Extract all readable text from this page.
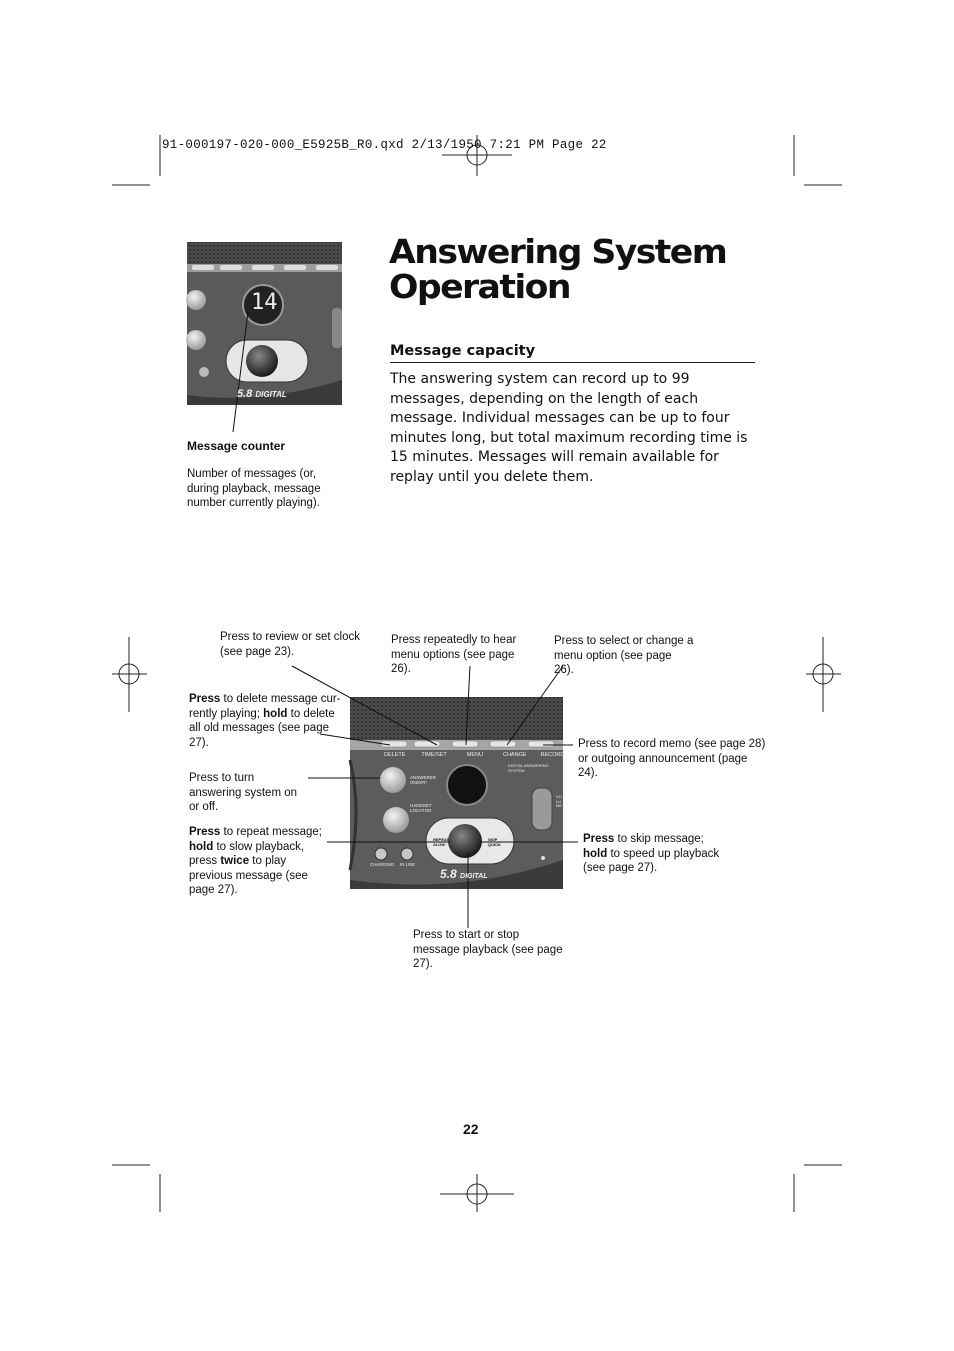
91-000197-020-000_E5925B_R0.qxd 2/13/1950 7:21 PM Page 22
Answering System
Operation
Message capacity
The answering system can record up to 99 messages, depending on the length of each message. Individual messages can be up to four minutes long, but total maximum recording time is 15 minutes. Messages will remain available for replay until you delete them.
14
5.8 DIGITAL
Message counter
Number of messages (or, during playback, message number currently playing).
DELETE	TIME/SET	MENU	CHANGE	RECORD
ANSWERER ON/OFF
HANDSET LOCATOR
REPEAT SLOW
SKIP QUICK
CHARGING IN USE
VOLUME
DIGITAL ANSWERING SYSTEM
5.8 DIGITAL
Press to review or set clock (see page 23).
Press repeatedly to hear menu options (see page 26).
Press to select or change a menu option (see page 26).
Press to delete message cur-rently playing; hold to delete all old messages (see page 27).	Press to record memo (see page 28) or outgoing announcement (page 24).
Press to turn answering system on or off.
Press to repeat message;
hold to slow playback,
press twice to play previous message (see page 27).
Press to skip message;
hold to speed up playback (see page 27).
Press to start or stop message playback (see page 27).
22
